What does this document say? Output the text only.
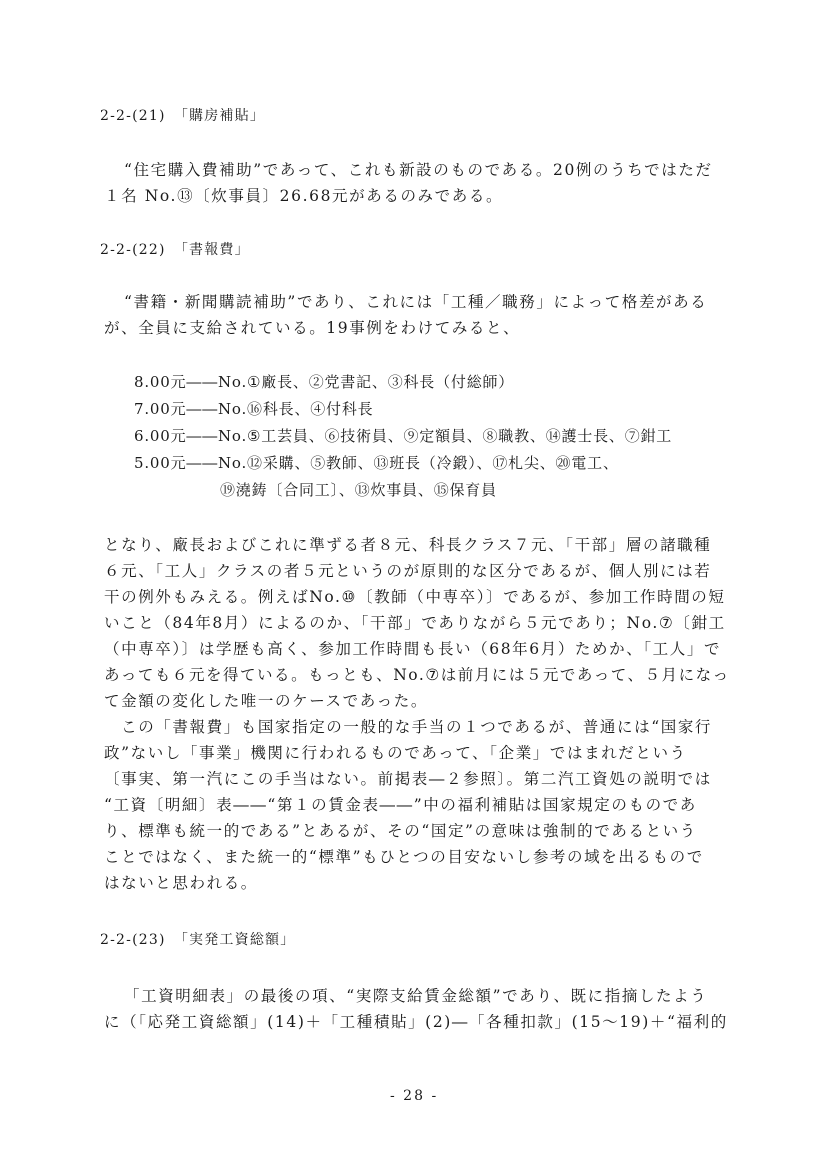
2-2-(21)　「購房補貼」
“住宅購入費補助”であって、これも新設のものである。20例のうちではただ
１名 No.⑬〔炊事員〕26.68元があるのみである。
2-2-(22)　「書報費」
“書籍・新聞購読補助”であり、これには「工種／職務」によって格差がある
が、全員に支給されている。19事例をわけてみると、
8.00元――No.①廠長、②党書記、③科長（付総師）
7.00元――No.⑯科長、④付科長
6.00元――No.⑤工芸員、⑥技術員、⑨定額員、⑧職教、⑭護士長、⑦鉗工
5.00元――No.⑫采購、⑤教師、⑬班長（冷鍛）、⑰札尖、⑳電工、
⑲澆鋳〔合同工〕、⑬炊事員、⑮保育員
となり、廠長およびこれに準ずる者８元、科長クラス７元、「干部」層の諸職種
６元、「工人」クラスの者５元というのが原則的な区分であるが、個人別には若
干の例外もみえる。例えばNo.⑩〔教師（中専卒）〕であるが、参加工作時間の短
いこと（84年8月）によるのか、「干部」でありながら５元であり；No.⑦〔鉗工
（中専卒）〕は学歴も高く、参加工作時間も長い（68年6月）ためか、「工人」で
あっても６元を得ている。もっとも、No.⑦は前月には５元であって、５月になっ
て金額の変化した唯一のケースであった。
　この「書報費」も国家指定の一般的な手当の１つであるが、普通には“国家行
政”ないし「事業」機関に行われるものであって、「企業」ではまれだという
〔事実、第一汽にこの手当はない。前掲表―２参照〕。第二汽工資処の説明では
“工資〔明細〕表――“第１の賃金表――”中の福利補貼は国家規定のものであ
り、標準も統一的である”とあるが、その“国定”の意味は強制的であるという
ことではなく、また統一的“標準”もひとつの目安ないし参考の域を出るもので
はないと思われる。
2-2-(23)　「実発工資総額」
「工資明細表」の最後の項、“実際支給賃金総額”であり、既に指摘したよう
に（「応発工資総額」(14)＋「工種積貼」(2)―「各種扣款」(15～19)＋“福利的
- 28 -
